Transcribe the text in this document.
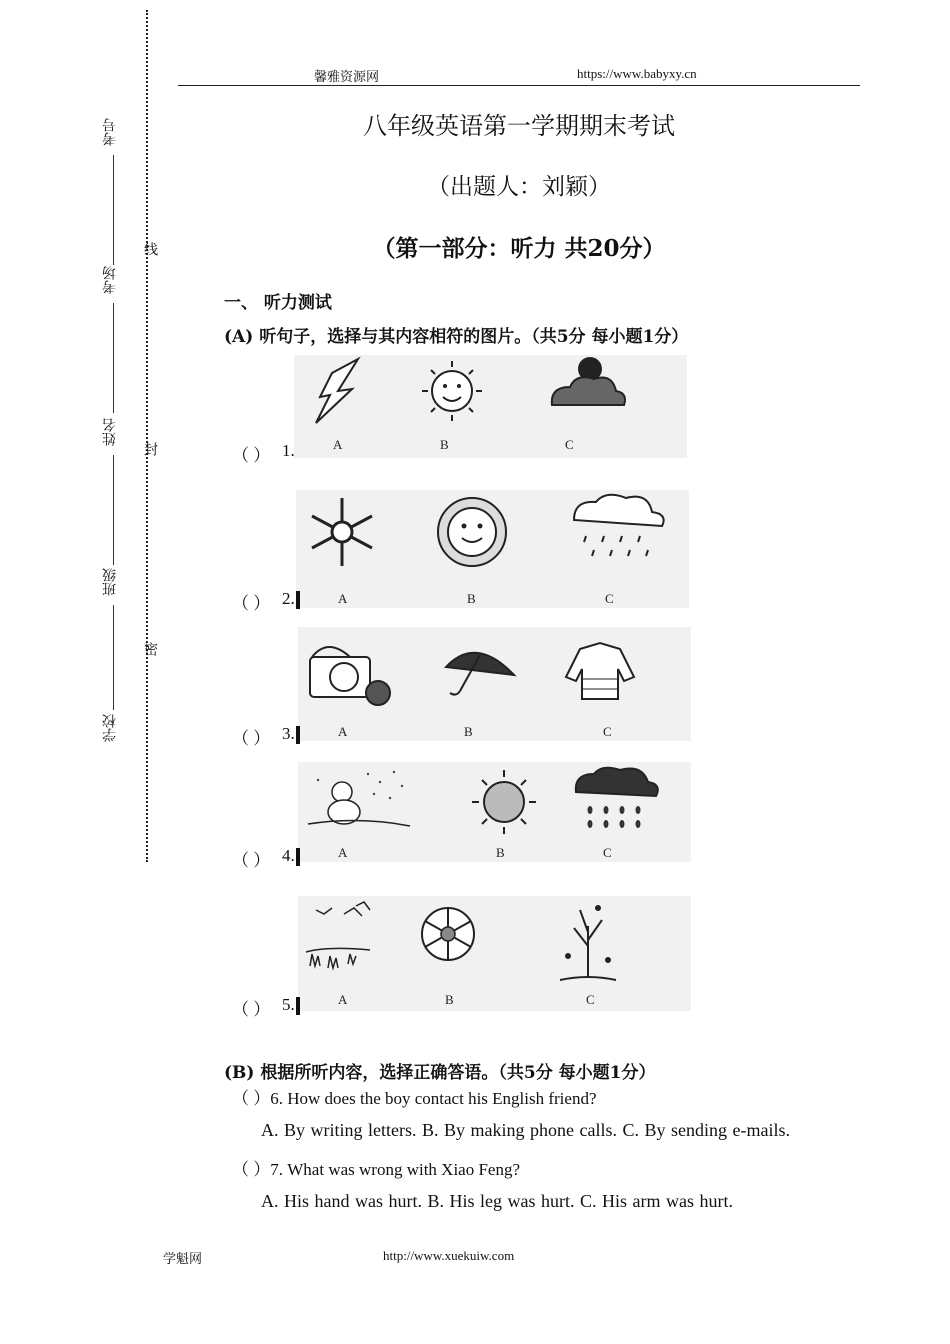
馨雅资源网	https://www.babyxy.cn
线
封
密
考号
考场
姓名
班级
学校
八年级英语第一学期期末考试
（出题人：刘颖）
（第一部分：听力 共20分）
一、 听力测试
(A) 听句子，选择与其内容相符的图片。（共5分 每小题1分）
A	B	C
（ ） 1.
A	B	C
（ ） 2.
A	B	C
（ ） 3.
A	B	C
（ ） 4.
A	B	C
（ ） 5.
(B) 根据所听内容，选择正确答语。（共5分 每小题1分）
（ ）6. How does the boy contact his English friend?
A. By writing letters. B. By making phone calls. C. By sending e-mails.
（ ）7. What was wrong with Xiao Feng?
A. His hand was hurt. B. His leg was hurt. C. His arm was hurt.
学魁网	http://www.xuekuiw.com
